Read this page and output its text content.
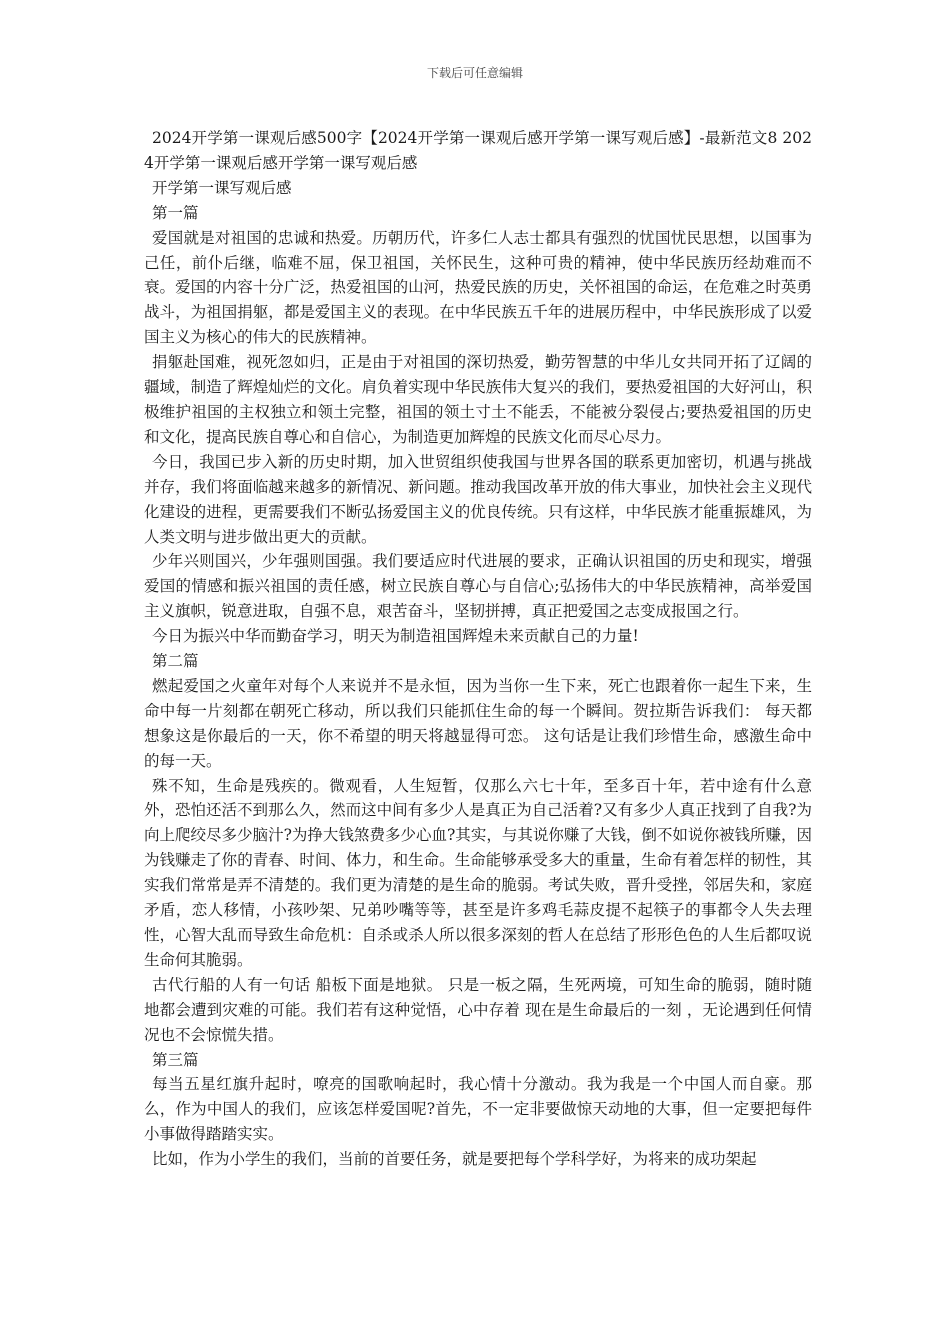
下载后可任意编辑

2024开学第一课观后感500字【2024开学第一课观后感开学第一课写观后感】-最新范文8 2024开学第一课观后感开学第一课写观后感

开学第一课写观后感

第一篇

爱国就是对祖国的忠诚和热爱。历朝历代，许多仁人志士都具有强烈的忧国忧民思想，以国事为己任，前仆后继，临难不屈，保卫祖国，关怀民生，这种可贵的精神，使中华民族历经劫难而不衰。爱国的内容十分广泛，热爱祖国的山河，热爱民族的历史，关怀祖国的命运，在危难之时英勇战斗，为祖国捐躯，都是爱国主义的表现。在中华民族五千年的进展历程中，中华民族形成了以爱国主义为核心的伟大的民族精神。

捐躯赴国难，视死忽如归，正是由于对祖国的深切热爱，勤劳智慧的中华儿女共同开拓了辽阔的疆域，制造了辉煌灿烂的文化。肩负着实现中华民族伟大复兴的我们，要热爱祖国的大好河山，积极维护祖国的主权独立和领土完整，祖国的领土寸土不能丢，不能被分裂侵占;要热爱祖国的历史和文化，提高民族自尊心和自信心，为制造更加辉煌的民族文化而尽心尽力。

今日，我国已步入新的历史时期，加入世贸组织使我国与世界各国的联系更加密切，机遇与挑战并存，我们将面临越来越多的新情况、新问题。推动我国改革开放的伟大事业，加快社会主义现代化建设的进程，更需要我们不断弘扬爱国主义的优良传统。只有这样，中华民族才能重振雄风，为人类文明与进步做出更大的贡献。

少年兴则国兴，少年强则国强。我们要适应时代进展的要求，正确认识祖国的历史和现实，增强爱国的情感和振兴祖国的责任感，树立民族自尊心与自信心;弘扬伟大的中华民族精神，高举爱国主义旗帜，锐意进取，自强不息，艰苦奋斗，坚韧拼搏，真正把爱国之志变成报国之行。

今日为振兴中华而勤奋学习，明天为制造祖国辉煌未来贡献自己的力量!

第二篇

燃起爱国之火童年对每个人来说并不是永恒，因为当你一生下来，死亡也跟着你一起生下来，生命中每一片刻都在朝死亡移动，所以我们只能抓住生命的每一个瞬间。贺拉斯告诉我们： 每天都想象这是你最后的一天，你不希望的明天将越显得可恋。 这句话是让我们珍惜生命，感激生命中的每一天。

殊不知，生命是残疾的。微观看，人生短暂，仅那么六七十年，至多百十年，若中途有什么意外，恐怕还活不到那么久，然而这中间有多少人是真正为自己活着?又有多少人真正找到了自我?为向上爬绞尽多少脑汁?为挣大钱煞费多少心血?其实，与其说你赚了大钱，倒不如说你被钱所赚，因为钱赚走了你的青春、时间、体力，和生命。生命能够承受多大的重量，生命有着怎样的韧性，其实我们常常是弄不清楚的。我们更为清楚的是生命的脆弱。考试失败，晋升受挫，邻居失和，家庭矛盾，恋人移情，小孩吵架、兄弟吵嘴等等，甚至是许多鸡毛蒜皮提不起筷子的事都令人失去理性，心智大乱而导致生命危机：自杀或杀人所以很多深刻的哲人在总结了形形色色的人生后都叹说生命何其脆弱。

古代行船的人有一句话 船板下面是地狱。 只是一板之隔，生死两境，可知生命的脆弱，随时随地都会遭到灾难的可能。我们若有这种觉悟，心中存着 现在是生命最后的一刻 ，无论遇到任何情况也不会惊慌失措。

第三篇

每当五星红旗升起时，嘹亮的国歌响起时，我心情十分激动。我为我是一个中国人而自豪。那么，作为中国人的我们，应该怎样爱国呢?首先，不一定非要做惊天动地的大事，但一定要把每件小事做得踏踏实实。

比如，作为小学生的我们，当前的首要任务，就是要把每个学科学好，为将来的成功架起
